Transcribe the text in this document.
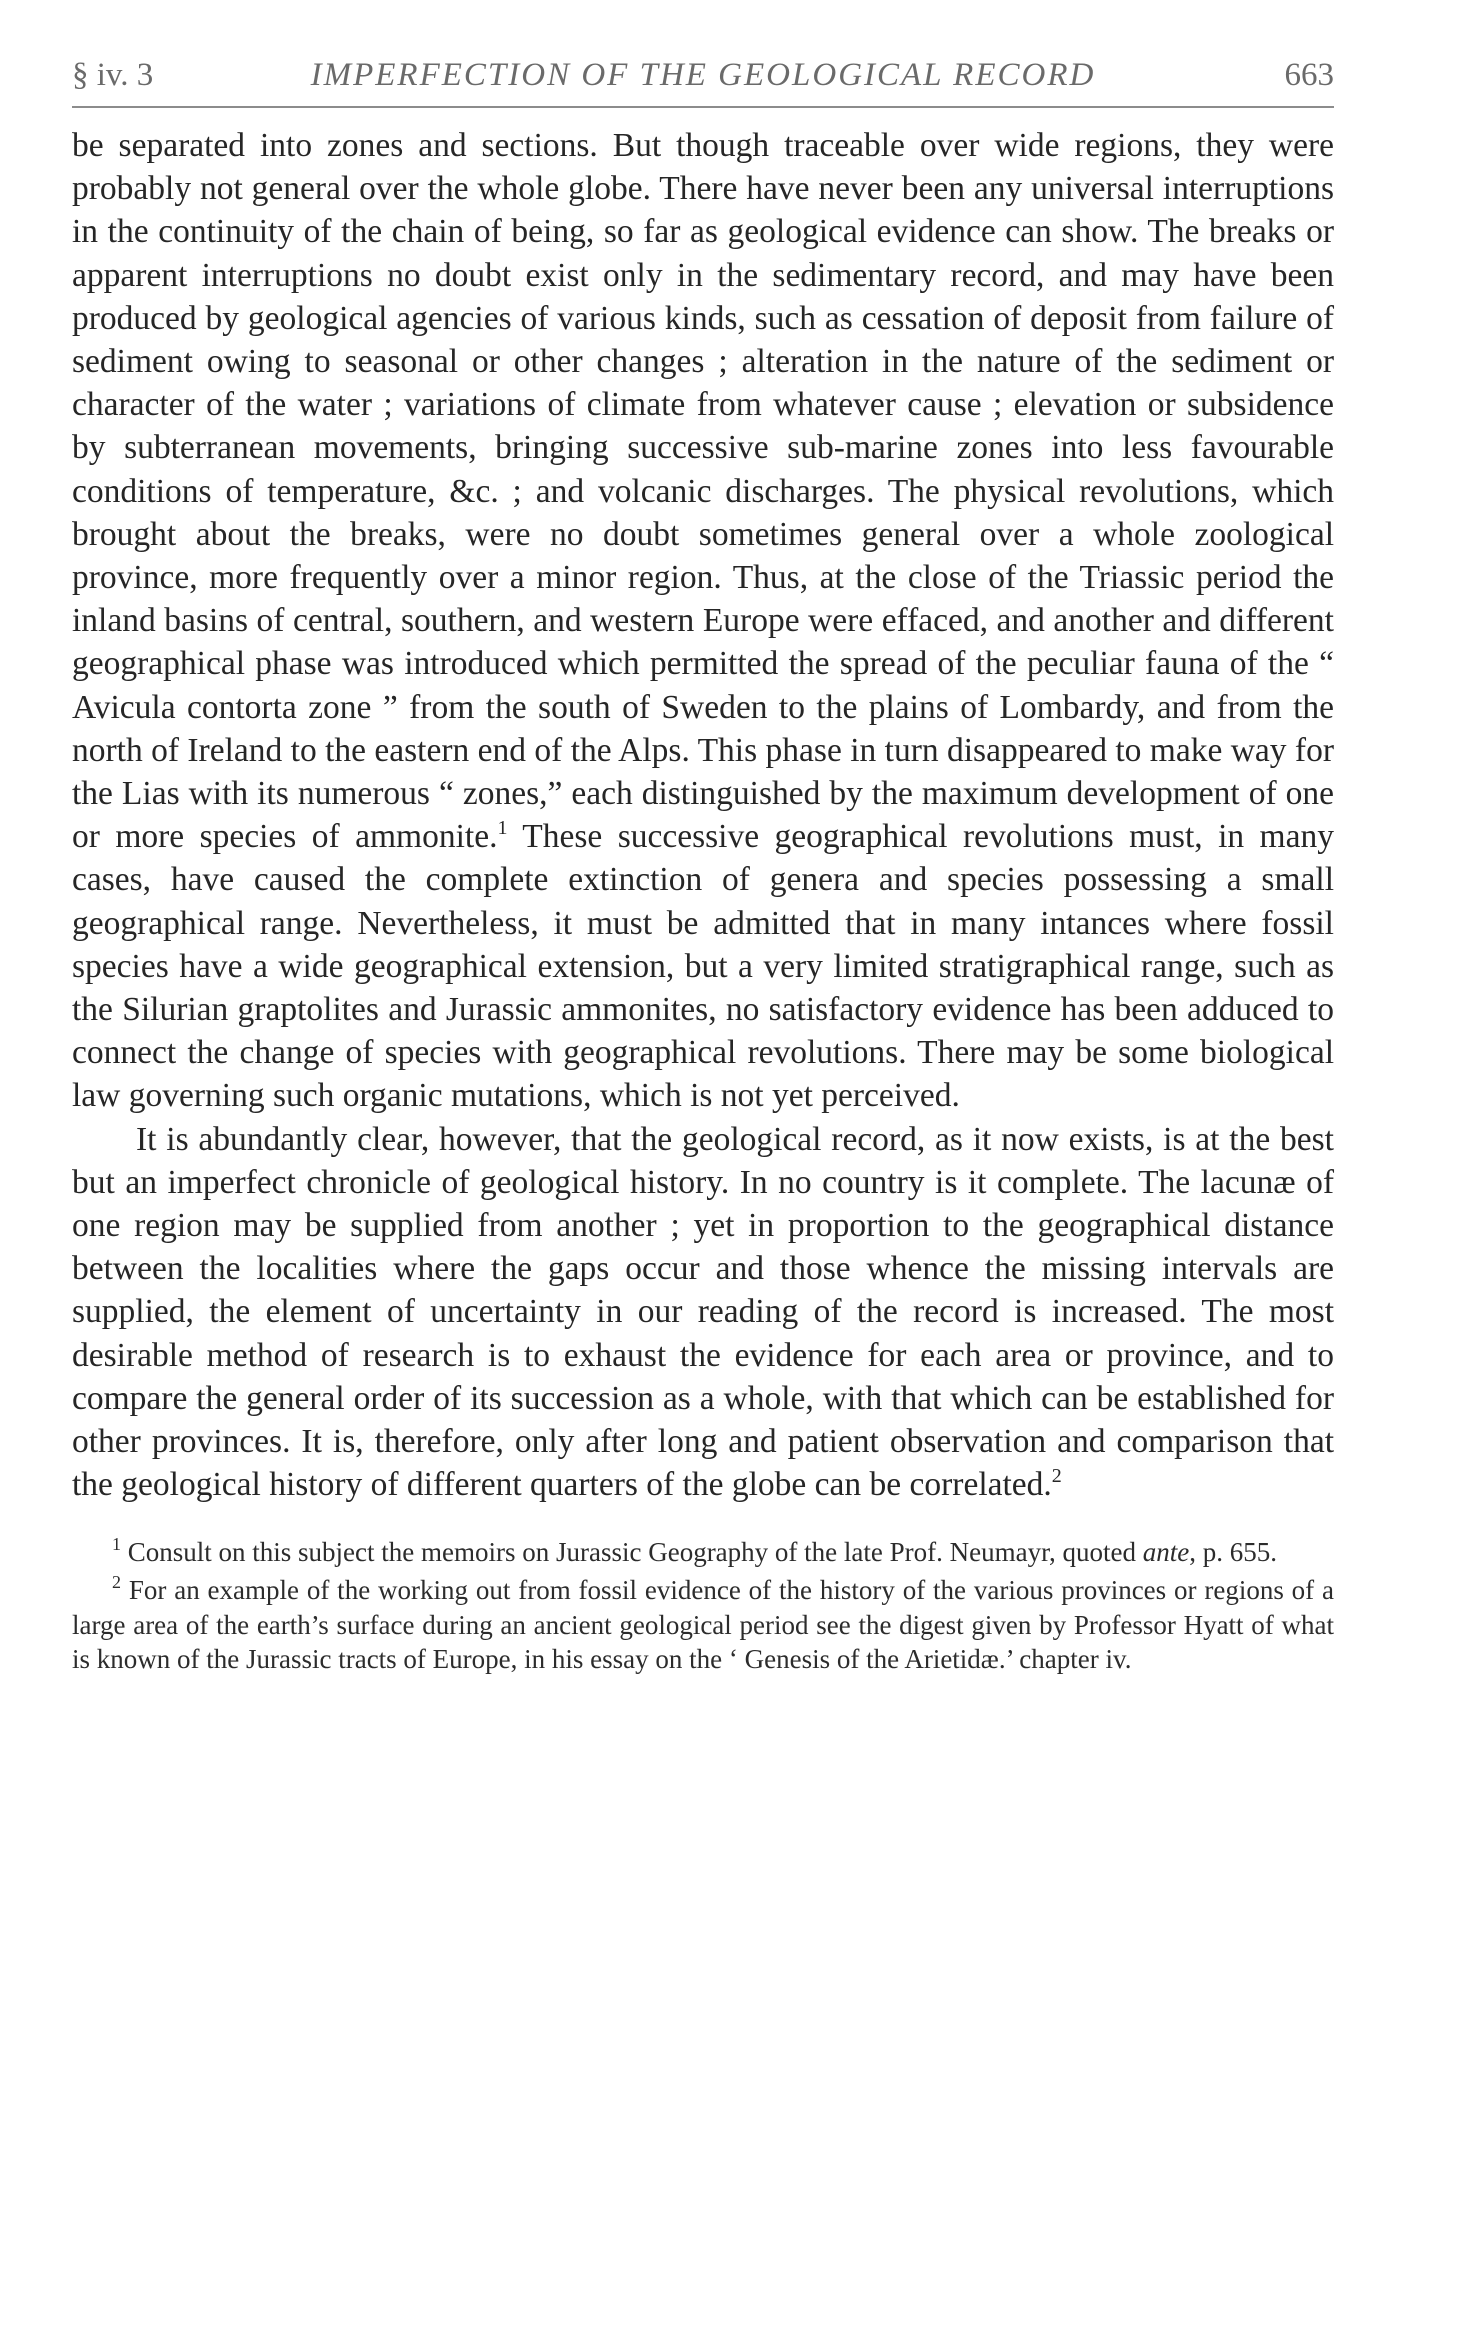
§ iv. 3	IMPERFECTION OF THE GEOLOGICAL RECORD	663

be separated into zones and sections. But though traceable over wide regions, they were probably not general over the whole globe. There have never been any universal interruptions in the continuity of the chain of being, so far as geological evidence can show. The breaks or apparent interruptions no doubt exist only in the sedimentary record, and may have been produced by geological agencies of various kinds, such as cessation of deposit from failure of sediment owing to seasonal or other changes ; alteration in the nature of the sediment or character of the water ; variations of climate from whatever cause ; elevation or subsidence by subterranean movements, bringing successive sub-marine zones into less favourable conditions of temperature, &c. ; and volcanic discharges. The physical revolutions, which brought about the breaks, were no doubt sometimes general over a whole zoological province, more frequently over a minor region. Thus, at the close of the Triassic period the inland basins of central, southern, and western Europe were effaced, and another and different geographical phase was introduced which permitted the spread of the peculiar fauna of the “ Avicula contorta zone ” from the south of Sweden to the plains of Lombardy, and from the north of Ireland to the eastern end of the Alps. This phase in turn disappeared to make way for the Lias with its numerous “ zones,” each distinguished by the maximum development of one or more species of ammonite.$^1$ These successive geographical revolutions must, in many cases, have caused the complete extinction of genera and species possessing a small geographical range. Nevertheless, it must be admitted that in many intances where fossil species have a wide geographical extension, but a very limited stratigraphical range, such as the Silurian graptolites and Jurassic ammonites, no satisfactory evidence has been adduced to connect the change of species with geographical revolutions. There may be some biological law governing such organic mutations, which is not yet perceived.

It is abundantly clear, however, that the geological record, as it now exists, is at the best but an imperfect chronicle of geological history. In no country is it complete. The lacunæ of one region may be supplied from another ; yet in proportion to the geographical distance between the localities where the gaps occur and those whence the missing intervals are supplied, the element of uncertainty in our reading of the record is increased. The most desirable method of research is to exhaust the evidence for each area or province, and to compare the general order of its succession as a whole, with that which can be established for other provinces. It is, therefore, only after long and patient observation and comparison that the geological history of different quarters of the globe can be correlated.$^2$

$^1$ Consult on this subject the memoirs on Jurassic Geography of the late Prof. Neumayr, quoted ante, p. 655.

$^2$ For an example of the working out from fossil evidence of the history of the various provinces or regions of a large area of the earth’s surface during an ancient geological period see the digest given by Professor Hyatt of what is known of the Jurassic tracts of Europe, in his essay on the ‘ Genesis of the Arietidæ.’ chapter iv.
